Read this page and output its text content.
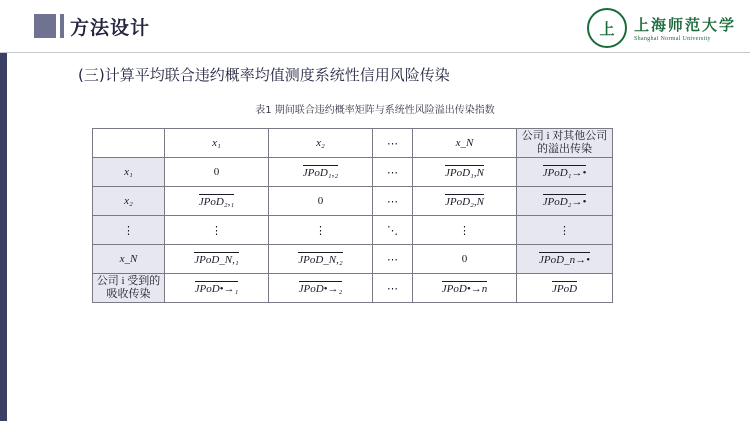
方法设计	上	上海师范大学
Shanghai Normal University
(三)计算平均联合违约概率均值测度系统性信用风险传染
表1 期间联合违约概率矩阵与系统性风险溢出传染指数
	x₁	x₂	⋯	x_N	公司 i 对其他公司的溢出传染
x₁	0	JPoD₁,₂	⋯	JPoD₁,N	JPoD₁→•
x₂	JPoD₂,₁	0	⋯	JPoD₂,N	JPoD₂→•
⋮	⋮	⋮	⋱	⋮	⋮
x_N	JPoD_N,₁	JPoD_N,₂	⋯	0	JPoD_n→•
公司 i 受到的吸收传染	JPoD•→₁	JPoD•→₂	⋯	JPoD•→n	JPoD
